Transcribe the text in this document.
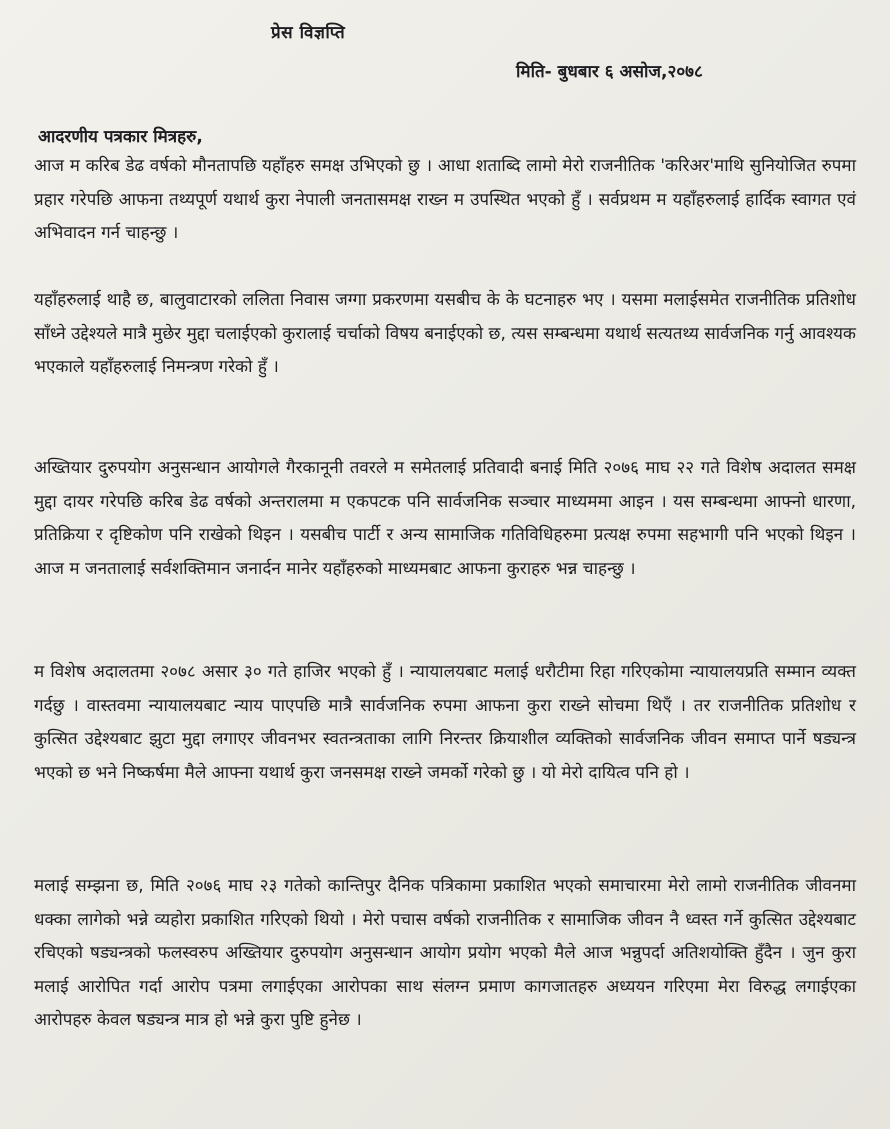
प्रेस विज्ञप्ति
मिति- बुधबार ६ असोज,२०७८
आदरणीय पत्रकार मित्रहरु,

आज म करिब डेढ वर्षको मौनतापछि यहाँहरु समक्ष उभिएको छु । आधा शताब्दि लामो मेरो राजनीतिक 'करिअर'माथि सुनियोजित रुपमा प्रहार गरेपछि आफना तथ्यपूर्ण यथार्थ कुरा नेपाली जनतासमक्ष राख्न म उपस्थित भएको हुँ । सर्वप्रथम म यहाँहरुलाई हार्दिक स्वागत एवं अभिवादन गर्न चाहन्छु ।

यहाँहरुलाई थाहै छ, बालुवाटारको ललिता निवास जग्गा प्रकरणमा यसबीच के के घटनाहरु भए । यसमा मलाईसमेत राजनीतिक प्रतिशोध साँध्ने उद्देश्यले मात्रै मुछेर मुद्दा चलाईएको कुरालाई चर्चाको विषय बनाईएको छ, त्यस सम्बन्धमा यथार्थ सत्यतथ्य सार्वजनिक गर्नु आवश्यक भएकाले यहाँहरुलाई निमन्त्रण गरेको हुँ ।

अख्तियार दुरुपयोग अनुसन्धान आयोगले गैरकानूनी तवरले म समेतलाई प्रतिवादी बनाई मिति २०७६ माघ २२ गते विशेष अदालत समक्ष मुद्दा दायर गरेपछि करिब डेढ वर्षको अन्तरालमा म एकपटक पनि सार्वजनिक सञ्चार माध्यममा आइन । यस सम्बन्धमा आफ्नो धारणा, प्रतिक्रिया र दृष्टिकोण पनि राखेको थिइन । यसबीच पार्टी र अन्य सामाजिक गतिविधिहरुमा प्रत्यक्ष रुपमा सहभागी पनि भएको थिइन । आज म जनतालाई सर्वशक्तिमान जनार्दन मानेर यहाँहरुको माध्यमबाट आफना कुराहरु भन्न चाहन्छु ।

म विशेष अदालतमा २०७८ असार ३० गते हाजिर भएको हुँ । न्यायालयबाट मलाई धरौटीमा रिहा गरिएकोमा न्यायालयप्रति सम्मान व्यक्त गर्दछु । वास्तवमा न्यायालयबाट न्याय पाएपछि मात्रै सार्वजनिक रुपमा आफना कुरा राख्ने सोचमा थिएँ । तर राजनीतिक प्रतिशोध र कुत्सित उद्देश्यबाट झुटा मुद्दा लगाएर जीवनभर स्वतन्त्रताका लागि निरन्तर क्रियाशील व्यक्तिको सार्वजनिक जीवन समाप्त पार्ने षड्यन्त्र भएको छ भने निष्कर्षमा मैले आफ्ना यथार्थ कुरा जनसमक्ष राख्ने जमर्को गरेको छु । यो मेरो दायित्व पनि हो ।

मलाई सम्झना छ, मिति २०७६ माघ २३ गतेको कान्तिपुर दैनिक पत्रिकामा प्रकाशित भएको समाचारमा मेरो लामो राजनीतिक जीवनमा धक्का लागेको भन्ने व्यहोरा प्रकाशित गरिएको थियो । मेरो पचास वर्षको राजनीतिक र सामाजिक जीवन नै ध्वस्त गर्ने कुत्सित उद्देश्यबाट रचिएको षड्यन्त्रको फलस्वरुप अख्तियार दुरुपयोग अनुसन्धान आयोग प्रयोग भएको मैले आज भन्नुपर्दा अतिशयोक्ति हुँदैन । जुन कुरा मलाई आरोपित गर्दा आरोप पत्रमा लगाईएका आरोपका साथ संलग्न प्रमाण कागजातहरु अध्ययन गरिएमा मेरा विरुद्ध लगाईएका आरोपहरु केवल षड्यन्त्र मात्र हो भन्ने कुरा पुष्टि हुनेछ ।
